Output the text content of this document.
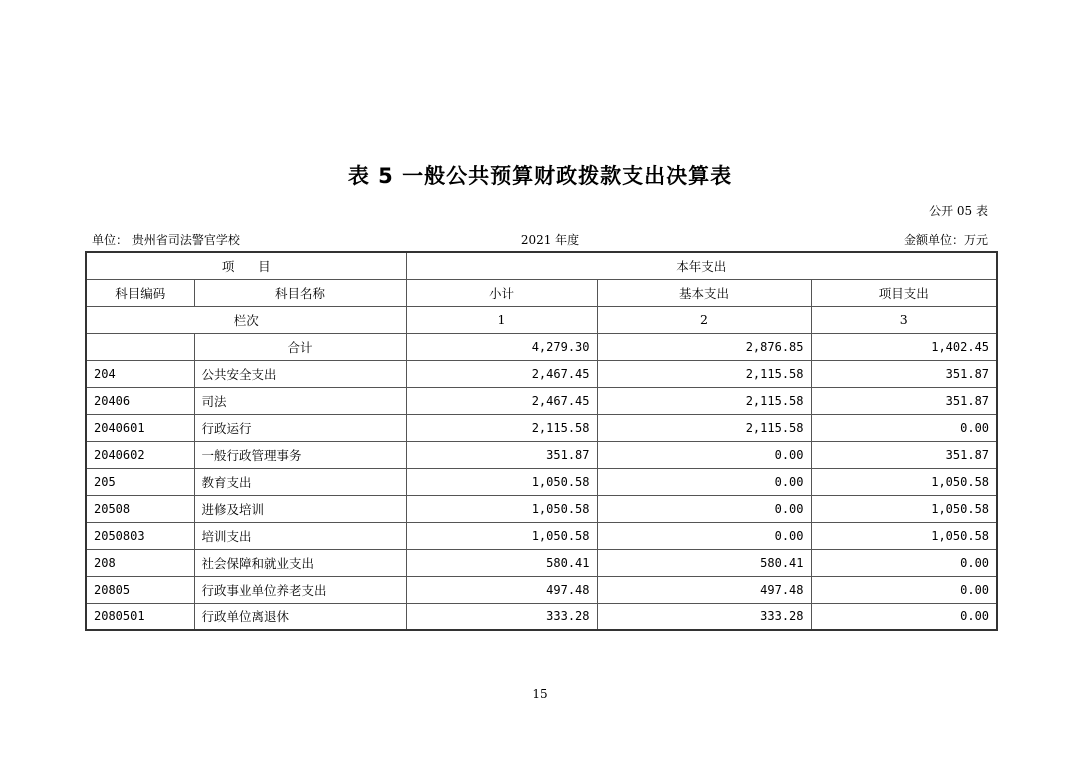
表 5 一般公共预算财政拨款支出决算表
公开 05 表
单位： 贵州省司法警官学校	2021 年度	金额单位：万元
项      目		本年支出		
科目编码	科目名称	小计	基本支出	项目支出
栏次		1	2	3
	合计	4,279.30	2,876.85	1,402.45
204	公共安全支出	2,467.45	2,115.58	351.87
20406	司法	2,467.45	2,115.58	351.87
2040601	行政运行	2,115.58	2,115.58	0.00
2040602	一般行政管理事务	351.87	0.00	351.87
205	教育支出	1,050.58	0.00	1,050.58
20508	进修及培训	1,050.58	0.00	1,050.58
2050803	培训支出	1,050.58	0.00	1,050.58
208	社会保障和就业支出	580.41	580.41	0.00
20805	行政事业单位养老支出	497.48	497.48	0.00
2080501	行政单位离退休	333.28	333.28	0.00
15
